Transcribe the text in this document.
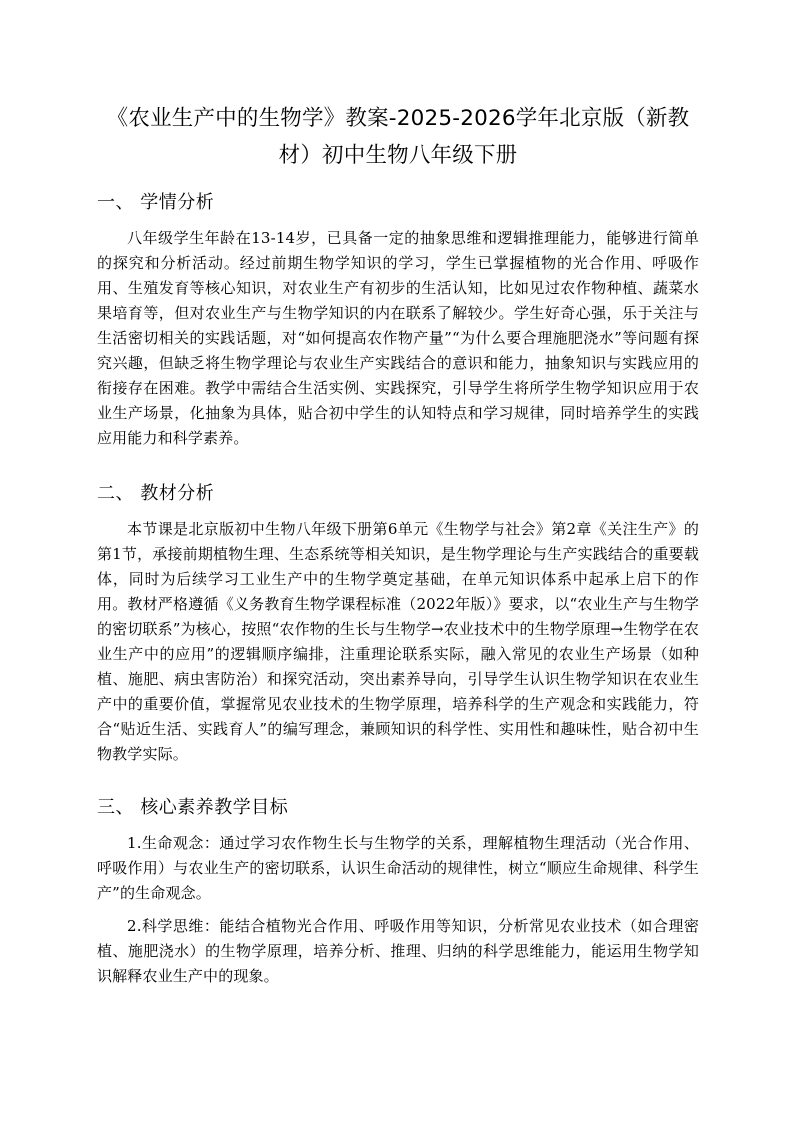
《农业生产中的生物学》教案-2025-2026学年北京版（新教材）初中生物八年级下册
一、 学情分析

八年级学生年龄在13-14岁，已具备一定的抽象思维和逻辑推理能力，能够进行简单的探究和分析活动。经过前期生物学知识的学习，学生已掌握植物的光合作用、呼吸作用、生殖发育等核心知识，对农业生产有初步的生活认知，比如见过农作物种植、蔬菜水果培育等，但对农业生产与生物学知识的内在联系了解较少。学生好奇心强，乐于关注与生活密切相关的实践话题，对“如何提高农作物产量”“为什么要合理施肥浇水”等问题有探究兴趣，但缺乏将生物学理论与农业生产实践结合的意识和能力，抽象知识与实践应用的衔接存在困难。教学中需结合生活实例、实践探究，引导学生将所学生物学知识应用于农业生产场景，化抽象为具体，贴合初中学生的认知特点和学习规律，同时培养学生的实践应用能力和科学素养。

二、 教材分析

本节课是北京版初中生物八年级下册第6单元《生物学与社会》第2章《关注生产》的第1节，承接前期植物生理、生态系统等相关知识，是生物学理论与生产实践结合的重要载体，同时为后续学习工业生产中的生物学奠定基础，在单元知识体系中起承上启下的作用。教材严格遵循《义务教育生物学课程标准（2022年版）》要求，以“农业生产与生物学的密切联系”为核心，按照“农作物的生长与生物学→农业技术中的生物学原理→生物学在农业生产中的应用”的逻辑顺序编排，注重理论联系实际，融入常见的农业生产场景（如种植、施肥、病虫害防治）和探究活动，突出素养导向，引导学生认识生物学知识在农业生产中的重要价值，掌握常见农业技术的生物学原理，培养科学的生产观念和实践能力，符合“贴近生活、实践育人”的编写理念，兼顾知识的科学性、实用性和趣味性，贴合初中生物教学实际。

三、 核心素养教学目标

1.生命观念：通过学习农作物生长与生物学的关系，理解植物生理活动（光合作用、呼吸作用）与农业生产的密切联系，认识生命活动的规律性，树立“顺应生命规律、科学生产”的生命观念。

2.科学思维：能结合植物光合作用、呼吸作用等知识，分析常见农业技术（如合理密植、施肥浇水）的生物学原理，培养分析、推理、归纳的科学思维能力，能运用生物学知识解释农业生产中的现象。
